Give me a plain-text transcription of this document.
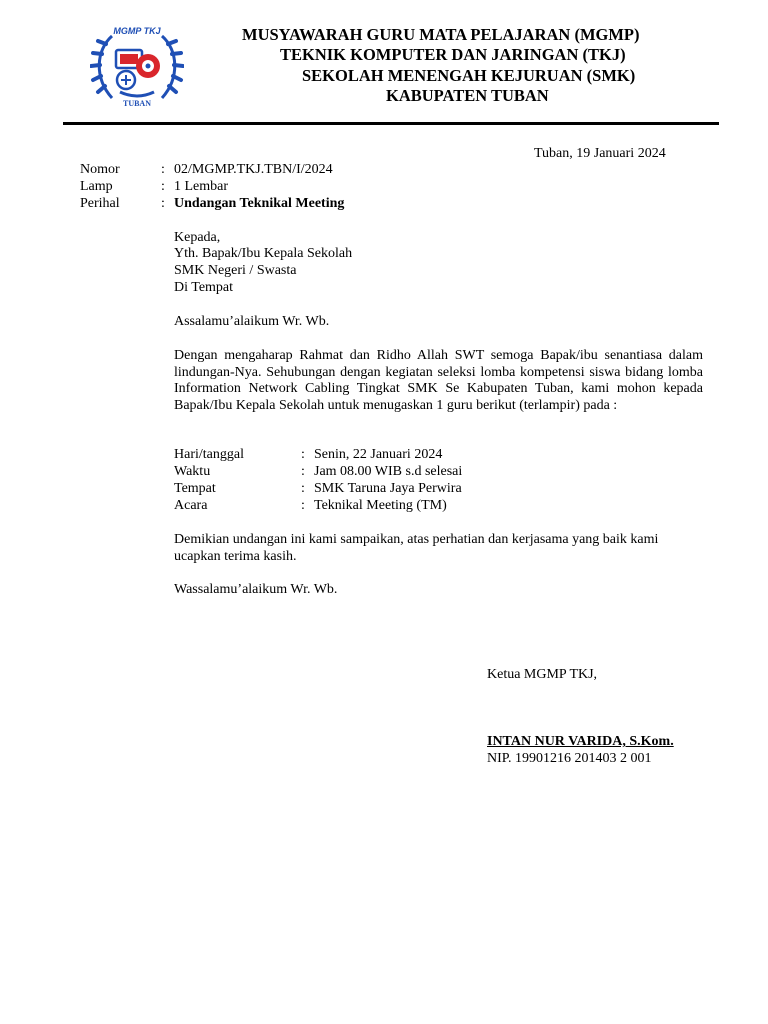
MGMP TKJ
TUBAN
MUSYAWARAH GURU MATA PELAJARAN (MGMP)
TEKNIK KOMPUTER DAN JARINGAN (TKJ)
SEKOLAH MENENGAH KEJURUAN (SMK)
KABUPATEN TUBAN
Tuban, 19 Januari 2024
Nomor	: 02/MGMP.TKJ.TBN/I/2024
Lamp	: 1 Lembar
Perihal	: Undangan Teknikal Meeting
Kepada,
Yth. Bapak/Ibu Kepala Sekolah
SMK Negeri / Swasta
Di Tempat
Assalamu’alaikum Wr. Wb.
Dengan mengaharap Rahmat dan Ridho Allah SWT semoga Bapak/ibu senantiasa dalam lindungan-Nya. Sehubungan dengan kegiatan seleksi lomba kompetensi siswa bidang lomba Information Network Cabling Tingkat SMK Se Kabupaten Tuban, kami mohon kepada Bapak/Ibu Kepala Sekolah untuk menugaskan 1 guru berikut (terlampir) pada :
Hari/tanggal	: Senin, 22 Januari 2024
Waktu	: Jam 08.00 WIB s.d selesai
Tempat	: SMK Taruna Jaya Perwira
Acara	: Teknikal Meeting (TM)
Demikian undangan ini kami sampaikan, atas perhatian dan kerjasama yang baik kami ucapkan terima kasih.
Wassalamu’alaikum Wr. Wb.
Ketua MGMP TKJ,
INTAN NUR VARIDA, S.Kom.
NIP. 19901216 201403 2 001
